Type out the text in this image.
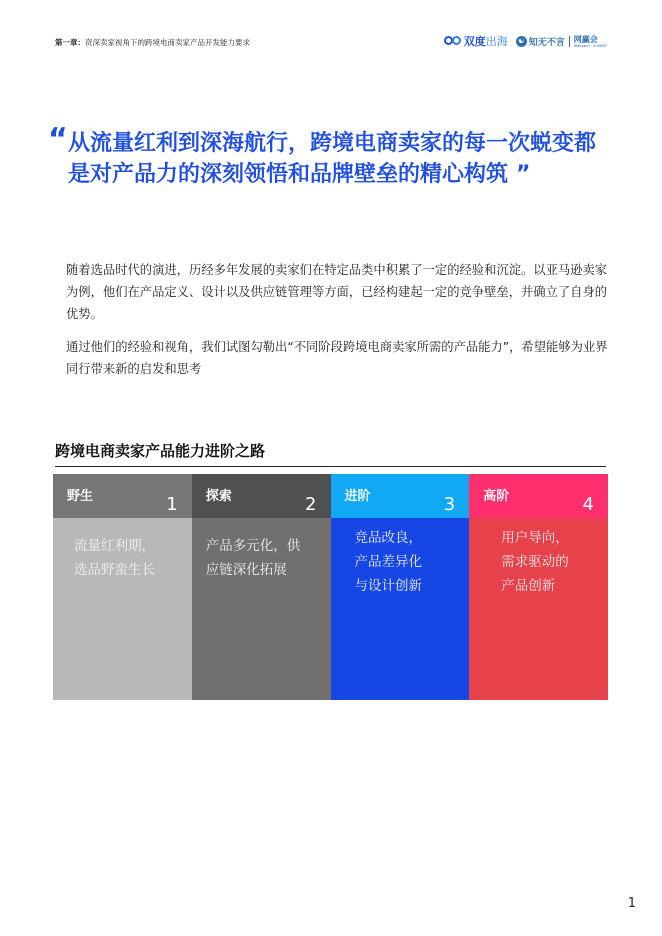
第一章：资深卖家视角下的跨境电商卖家产品开发能力要求	双度出海	☯ 知无不言 网赢会
Wangwin · SUMMIT
“ 从流量红利到深海航行，跨境电商卖家的每一次蜕变都是对产品力的深刻领悟和品牌壁垒的精心构筑 ”
随着选品时代的演进，历经多年发展的卖家们在特定品类中积累了一定的经验和沉淀。以亚马逊卖家为例，他们在产品定义、设计以及供应链管理等方面，已经构建起一定的竞争壁垒，并确立了自身的优势。
通过他们的经验和视角，我们试图勾勒出“不同阶段跨境电商卖家所需的产品能力”，希望能够为业界同行带来新的启发和思考
跨境电商卖家产品能力进阶之路
野生	1
流量红利期，
选品野蛮生长
探索	2
产品多元化，供
应链深化拓展
进阶	3
竞品改良，
产品差异化
与设计创新
高阶	4
用户导向，
需求驱动的
产品创新
1
